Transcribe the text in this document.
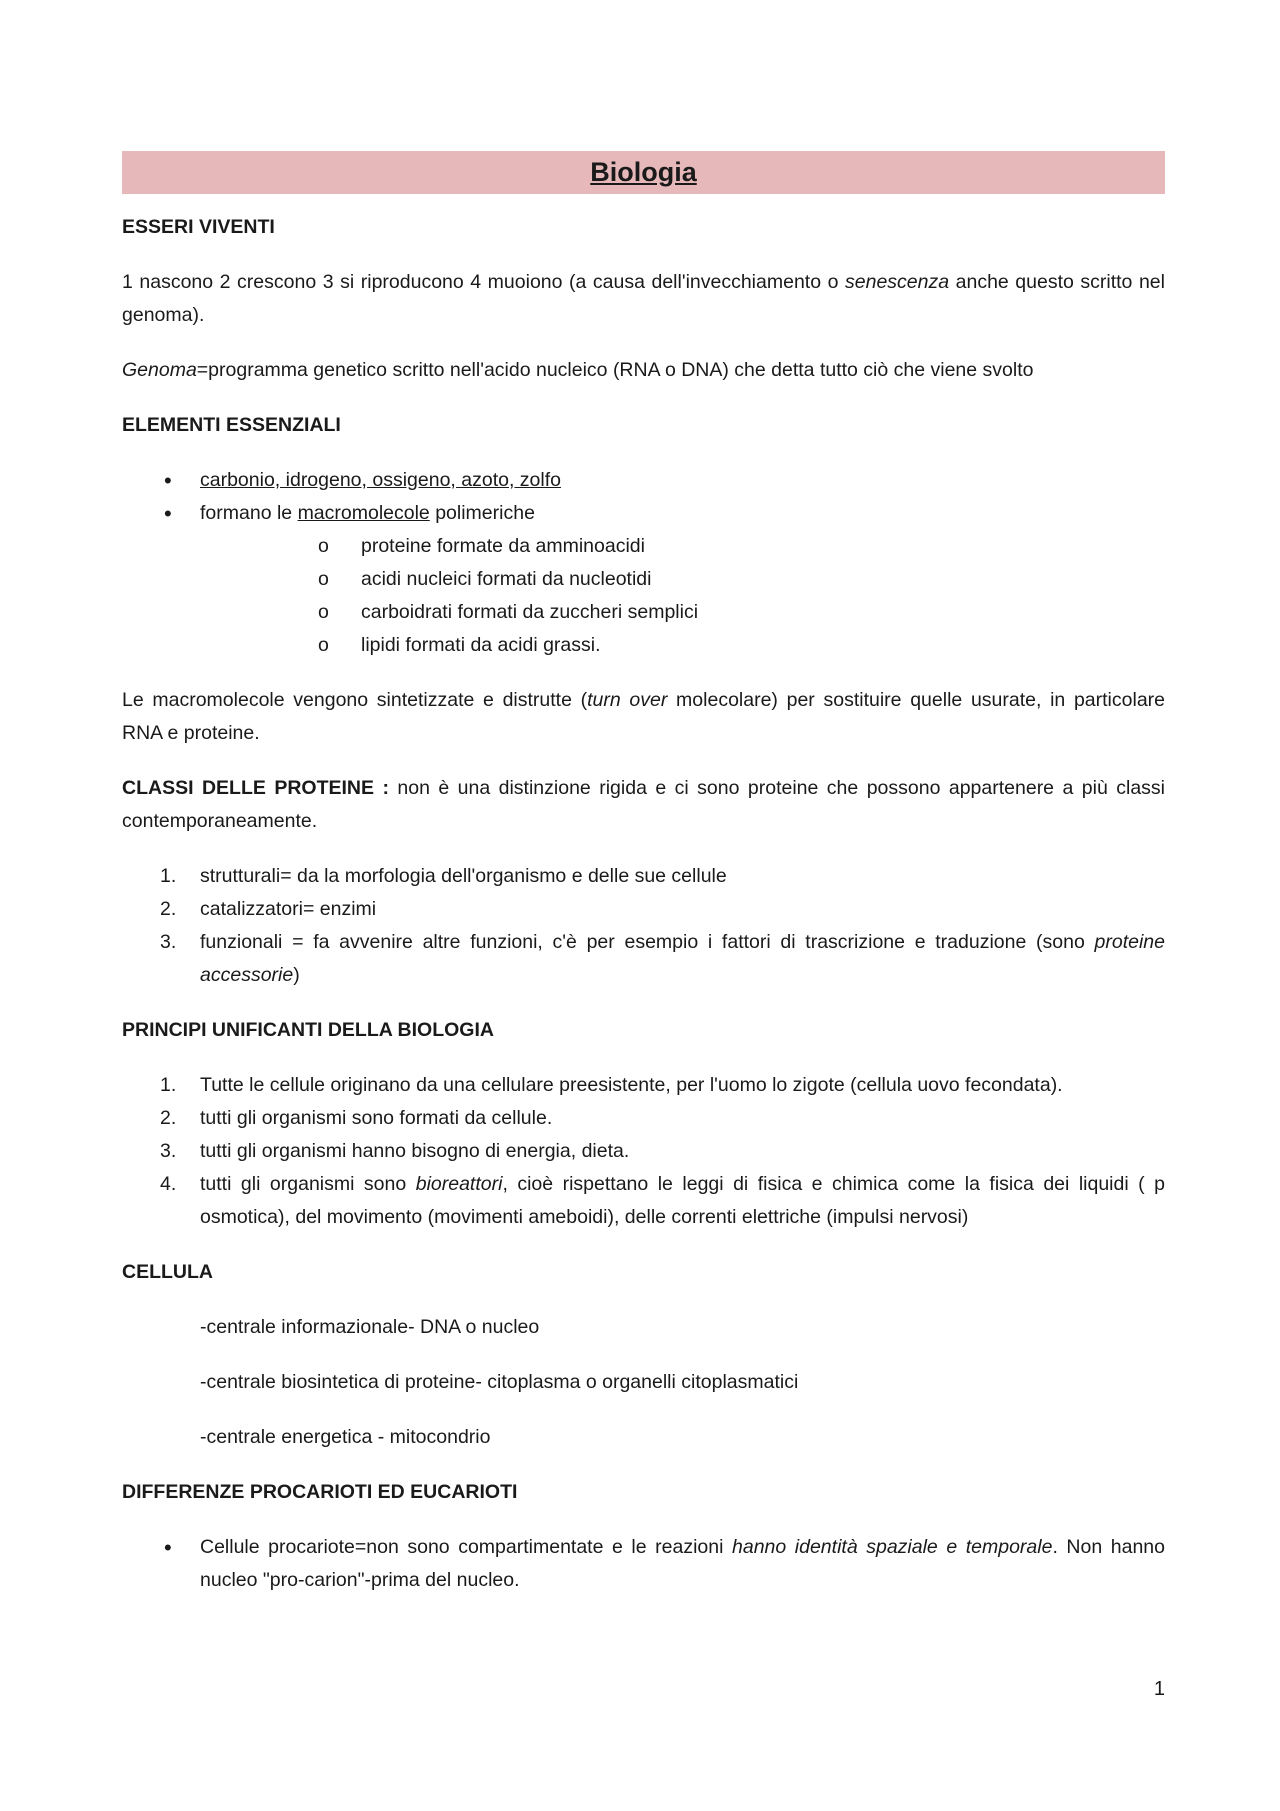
Biologia
ESSERI VIVENTI

1 nascono 2 crescono 3 si riproducono 4 muoiono (a causa dell'invecchiamento o senescenza anche questo scritto nel genoma).

Genoma=programma genetico scritto nell'acido nucleico (RNA o DNA) che detta tutto ciò che viene svolto

ELEMENTI ESSENZIALI
• carbonio, idrogeno, ossigeno, azoto, zolfo
• formano le macromolecole polimeriche
o proteine formate da amminoacidi
o acidi nucleici formati da nucleotidi
o carboidrati formati da zuccheri semplici
o lipidi formati da acidi grassi.

Le macromolecole vengono sintetizzate e distrutte (turn over molecolare) per sostituire quelle usurate, in particolare RNA e proteine.

CLASSI DELLE PROTEINE : non è una distinzione rigida e ci sono proteine che possono appartenere a più classi contemporaneamente.

1. strutturali= da la morfologia dell'organismo e delle sue cellule
2. catalizzatori= enzimi
3. funzionali = fa avvenire altre funzioni, c'è per esempio i fattori di trascrizione e traduzione (sono proteine accessorie)
PRINCIPI UNIFICANTI DELLA BIOLOGIA
1. Tutte le cellule originano da una cellulare preesistente, per l'uomo lo zigote (cellula uovo fecondata).
2. tutti gli organismi sono formati da cellule.
3. tutti gli organismi hanno bisogno di energia, dieta.
4. tutti gli organismi sono bioreattori, cioè rispettano le leggi di fisica e chimica come la fisica dei liquidi ( p osmotica), del movimento (movimenti ameboidi), delle correnti elettriche (impulsi nervosi)
CELLULA
-centrale informazionale- DNA o nucleo
-centrale biosintetica di proteine- citoplasma o organelli citoplasmatici
-centrale energetica - mitocondrio
DIFFERENZE PROCARIOTI ED EUCARIOTI
• Cellule procariote=non sono compartimentate e le reazioni hanno identità spaziale e temporale. Non hanno nucleo "pro-carion"-prima del nucleo.
1
